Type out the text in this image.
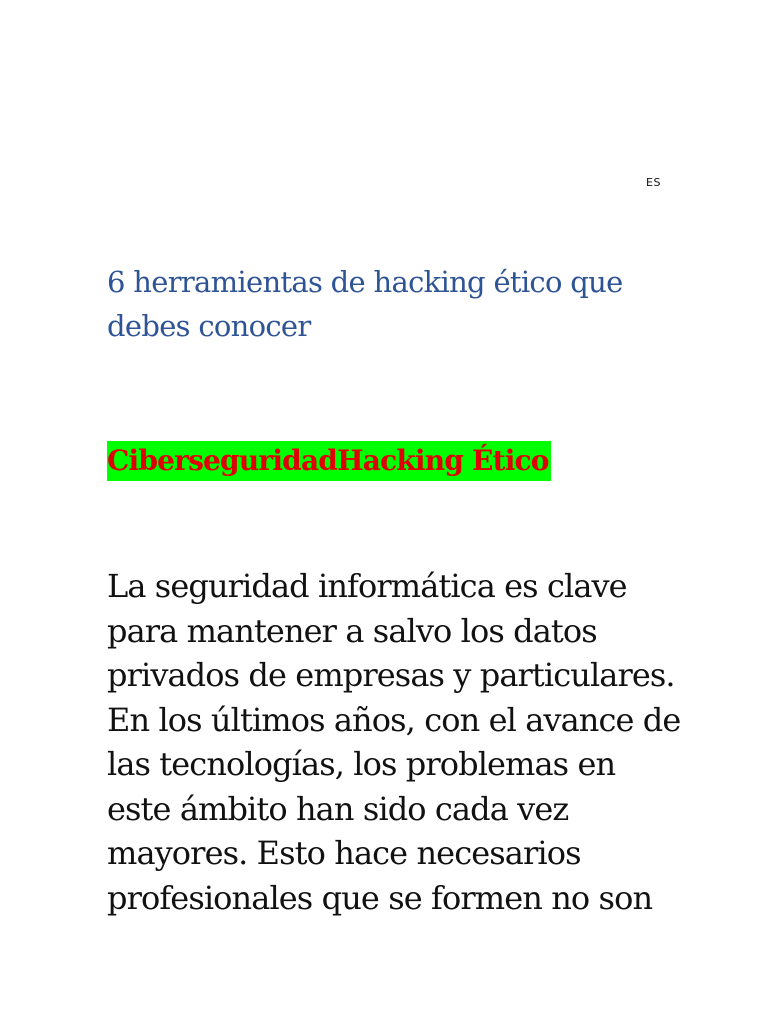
ES
6 herramientas de hacking ético que debes conocer
CiberseguridadHacking Ético

La seguridad informática es clave
para mantener a salvo los datos
privados de empresas y particulares.
En los últimos años, con el avance de
las tecnologías, los problemas en
este ámbito han sido cada vez
mayores. Esto hace necesarios
profesionales que se formen no son
